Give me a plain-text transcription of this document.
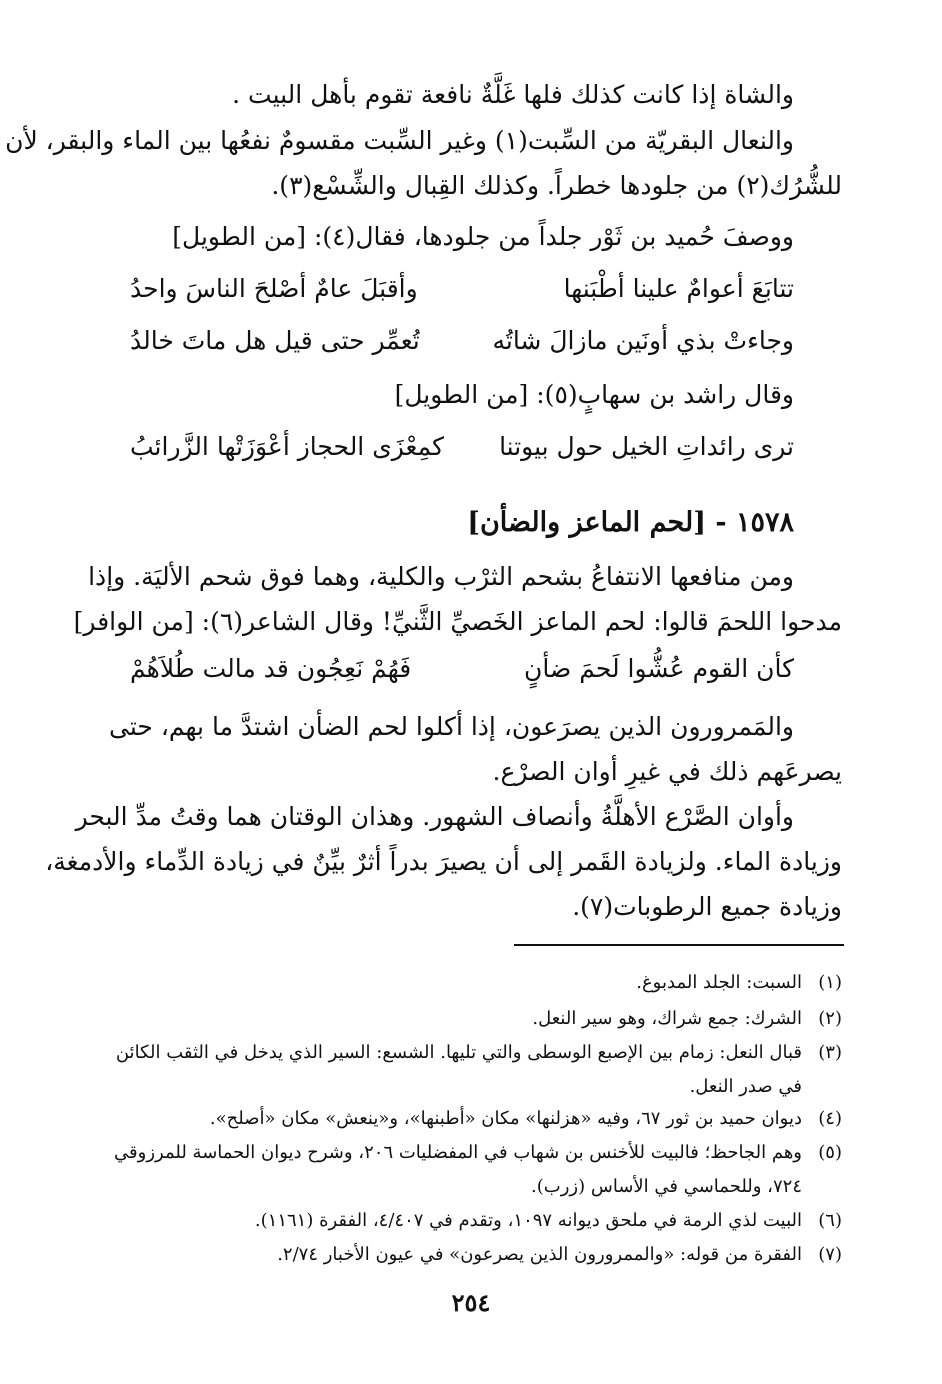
والشاة إذا كانت كذلك فلها غَلَّةٌ نافعة تقوم بأهل البيت .
والنعال البقريّة من السِّبت(١) وغير السِّبت مقسومٌ نفعُها بين الماء والبقر، لأن
للشُّرُك(٢) من جلودها خطراً. وكذلك القِبال والشِّسْع(٣).
ووصفَ حُميد بن ثَوْر جلداً من جلودها، فقال(٤): [من الطويل]
تتابَعَ أعوامٌ علينا أطْبَنها
وأقبَلَ عامٌ أصْلحَ الناسَ واحدُ
وجاءتْ بذي أونَين مازالَ شاتُه
تُعمِّر حتى قيل هل ماتَ خالدُ
وقال راشد بن سهابٍ(٥): [من الطويل]
ترى رائداتِ الخيل حول بيوتنا
كمِعْزَى الحجاز أعْوَزَتْها الزَّرائبُ
١٥٧٨ - [لحم الماعز والضأن]
ومن منافعها الانتفاعُ بشحم الثرْب والكلية، وهما فوق شحم الأليَة. وإذا
مدحوا اللحمَ قالوا: لحم الماعز الخَصيِّ الثَّنيِّ! وقال الشاعر(٦): [من الوافر]
كأن القوم عُشُّوا لَحمَ ضأنٍ
فَهُمْ نَعِجُون قد مالت طُلاَهُمْ
والمَمرورون الذين يصرَعون، إذا أكلوا لحم الضأن اشتدَّ ما بهم، حتى
يصرعَهم ذلك في غيرِ أوان الصرْع.
وأوان الصَّرْع الأهلَّةُ وأنصاف الشهور. وهذان الوقتان هما وقتُ مدِّ البحر
وزيادة الماء. ولزيادة القَمر إلى أن يصيرَ بدراً أثرٌ بيِّنٌ في زيادة الدِّماء والأدمغة،
وزيادة جميع الرطوبات(٧).
(١)السبت: الجلد المدبوغ.
(٢)الشرك: جمع شراك، وهو سير النعل.
(٣)قبال النعل: زمام بين الإصبع الوسطى والتي تليها. الشسع: السير الذي يدخل في الثقب الكائن
في صدر النعل.
(٤)ديوان حميد بن ثور ٦٧، وفيه «هزلنها» مكان «أطبنها»، و«ينعش» مكان «أصلح».
(٥)وهم الجاحظ؛ فالبيت للأخنس بن شهاب في المفضليات ٢٠٦، وشرح ديوان الحماسة للمرزوقي
٧٢٤، وللحماسي في الأساس (زرب).
(٦)البيت لذي الرمة في ملحق ديوانه ١٠٩٧، وتقدم في ٤/٤٠٧، الفقرة (١١٦١).
(٧)الفقرة من قوله: «والممرورون الذين يصرعون» في عيون الأخبار ٢/٧٤.
٢٥٤
